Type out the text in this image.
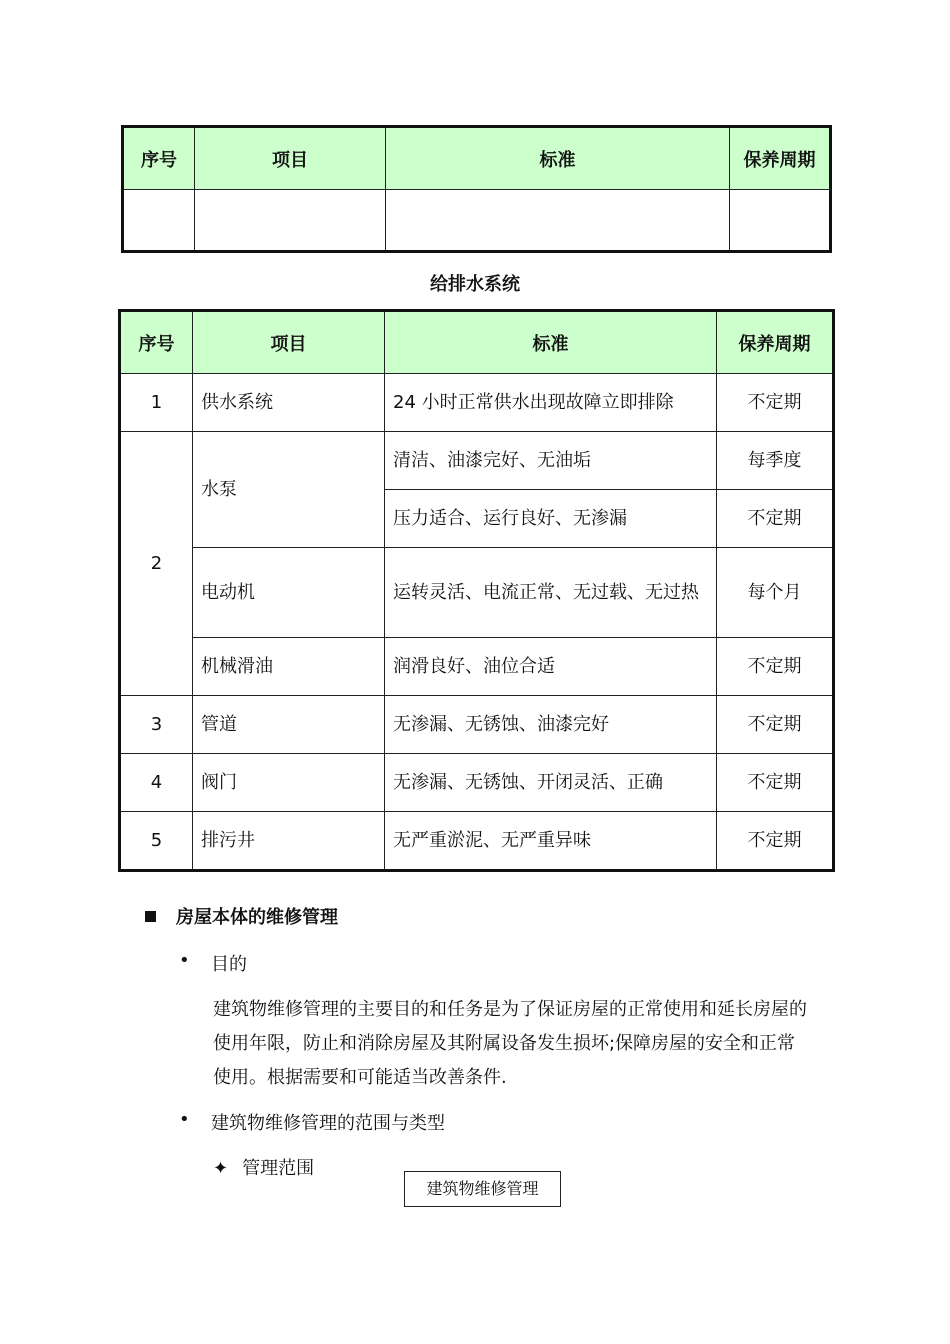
序号	项目	标准	保养周期

给排水系统
序号	项目	标准	保养周期
1	供水系统	24 小时正常供水出现故障立即排除	不定期
2	水泵	清洁、油漆完好、无油垢	每季度
		压力适合、运行良好、无渗漏	不定期
	电动机	运转灵活、电流正常、无过载、无过热	每个月
	机械滑油	润滑良好、油位合适	不定期
3	管道	无渗漏、无锈蚀、油漆完好	不定期
4	阀门	无渗漏、无锈蚀、开闭灵活、正确	不定期
5	排污井	无严重淤泥、无严重异味	不定期
房屋本体的维修管理
• 目的
建筑物维修管理的主要目的和任务是为了保证房屋的正常使用和延长房屋的使用年限，防止和消除房屋及其附属设备发生损坏;保障房屋的安全和正常使用。根据需要和可能适当改善条件.
• 建筑物维修管理的范围与类型
✦ 管理范围
建筑物维修管理
